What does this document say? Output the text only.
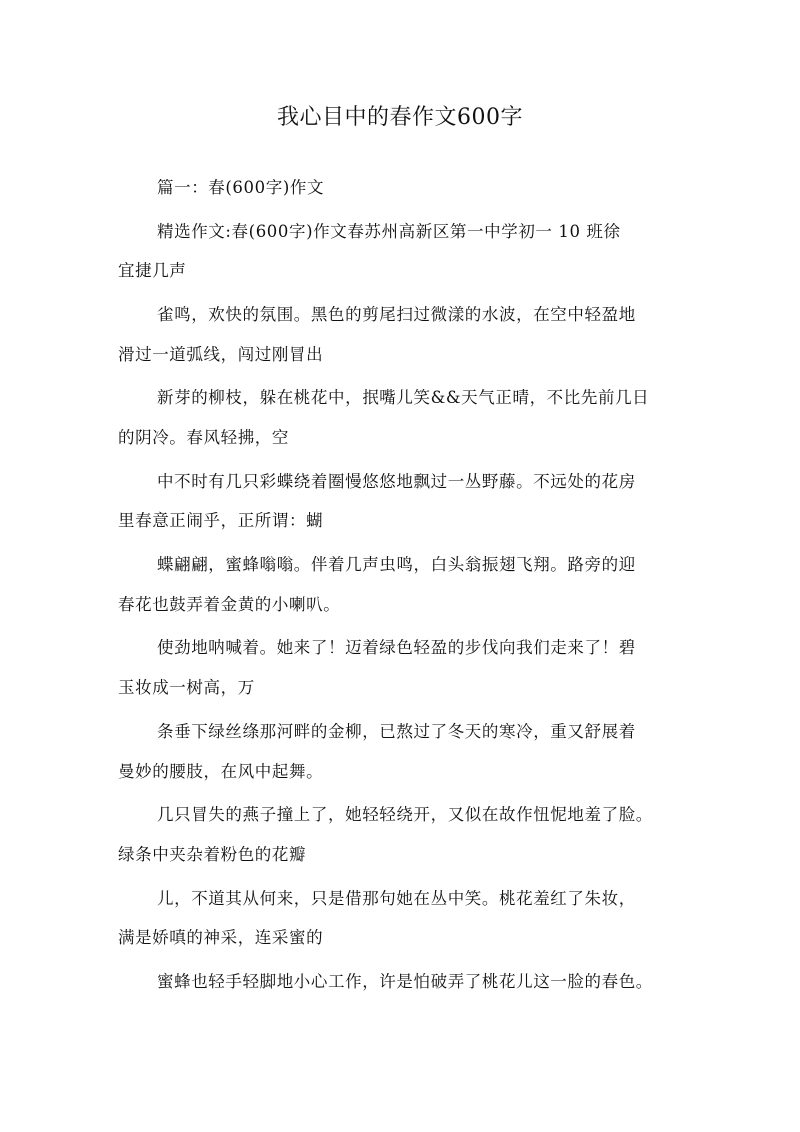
我心目中的春作文600字
篇一：春(600字)作文
精选作文:春(600字)作文春苏州高新区第一中学初一 10 班徐
宜捷几声
雀鸣，欢快的氛围。黑色的剪尾扫过微漾的水波，在空中轻盈地
滑过一道弧线，闯过刚冒出
新芽的柳枝，躲在桃花中，抿嘴儿笑&&天气正晴，不比先前几日
的阴冷。春风轻拂，空
中不时有几只彩蝶绕着圈慢悠悠地飘过一丛野藤。不远处的花房
里春意正闹乎，正所谓：蝴
蝶翩翩，蜜蜂嗡嗡。伴着几声虫鸣，白头翁振翅飞翔。路旁的迎
春花也鼓弄着金黄的小喇叭。
使劲地呐喊着。她来了！迈着绿色轻盈的步伐向我们走来了！碧
玉妆成一树高，万
条垂下绿丝绦那河畔的金柳，已熬过了冬天的寒冷，重又舒展着
曼妙的腰肢，在风中起舞。
几只冒失的燕子撞上了，她轻轻绕开，又似在故作忸怩地羞了脸。
绿条中夹杂着粉色的花瓣
儿，不道其从何来，只是借那句她在丛中笑。桃花羞红了朱妆，
满是娇嗔的神采，连采蜜的
蜜蜂也轻手轻脚地小心工作，许是怕破弄了桃花儿这一脸的春色。
